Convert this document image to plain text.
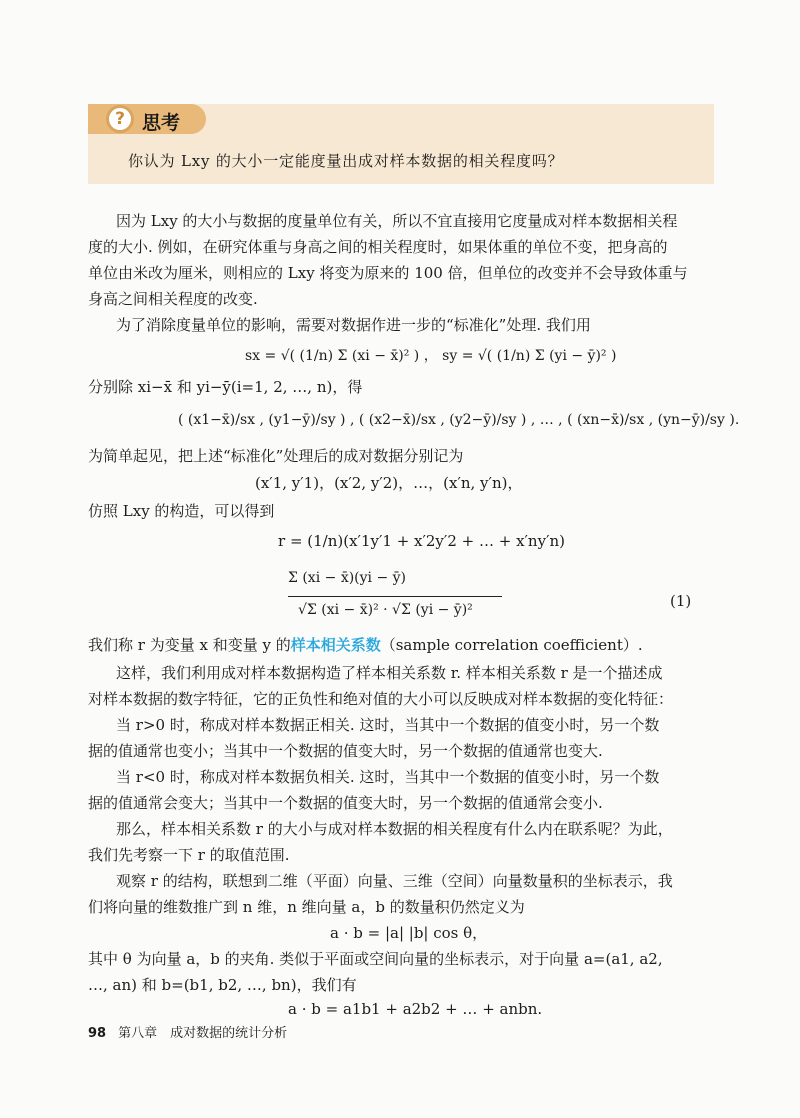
? 思考
你认为 Lxy 的大小一定能度量出成对样本数据的相关程度吗？
因为 Lxy 的大小与数据的度量单位有关，所以不宜直接用它度量成对样本数据相关程
度的大小. 例如，在研究体重与身高之间的相关程度时，如果体重的单位不变，把身高的
单位由米改为厘米，则相应的 Lxy 将变为原来的 100 倍，但单位的改变并不会导致体重与
身高之间相关程度的改变.
为了消除度量单位的影响，需要对数据作进一步的“标准化”处理. 我们用
sx = √( (1/n) Σ (xi − x̄)² ) ， sy = √( (1/n) Σ (yi − ȳ)² )
分别除 xi−x̄ 和 yi−ȳ(i=1, 2, …, n)，得
( (x1−x̄)/sx , (y1−ȳ)/sy ) , ( (x2−x̄)/sx , (y2−ȳ)/sy ) , … , ( (xn−x̄)/sx , (yn−ȳ)/sy ).
为简单起见，把上述“标准化”处理后的成对数据分别记为
(x′1, y′1)，(x′2, y′2)，…，(x′n, y′n)，
仿照 Lxy 的构造，可以得到
r = (1/n)(x′1y′1 + x′2y′2 + … + x′ny′n)
Σ (xi − x̄)(yi − ȳ)
√Σ (xi − x̄)² · √Σ (yi − ȳ)²	(1)
我们称 r 为变量 x 和变量 y 的样本相关系数（sample correlation coefficient）.
这样，我们利用成对样本数据构造了样本相关系数 r. 样本相关系数 r 是一个描述成
对样本数据的数字特征，它的正负性和绝对值的大小可以反映成对样本数据的变化特征：
当 r>0 时，称成对样本数据正相关. 这时，当其中一个数据的值变小时，另一个数
据的值通常也变小；当其中一个数据的值变大时，另一个数据的值通常也变大.
当 r<0 时，称成对样本数据负相关. 这时，当其中一个数据的值变小时，另一个数
据的值通常会变大；当其中一个数据的值变大时，另一个数据的值通常会变小.
那么，样本相关系数 r 的大小与成对样本数据的相关程度有什么内在联系呢？为此，
我们先考察一下 r 的取值范围.
观察 r 的结构，联想到二维（平面）向量、三维（空间）向量数量积的坐标表示，我
们将向量的维数推广到 n 维，n 维向量 a，b 的数量积仍然定义为
a · b = |a| |b| cos θ，
其中 θ 为向量 a，b 的夹角. 类似于平面或空间向量的坐标表示，对于向量 a=(a1, a2,
…, an) 和 b=(b1, b2, …, bn)，我们有
a · b = a1b1 + a2b2 + … + anbn.
98 第八章　成对数据的统计分析
